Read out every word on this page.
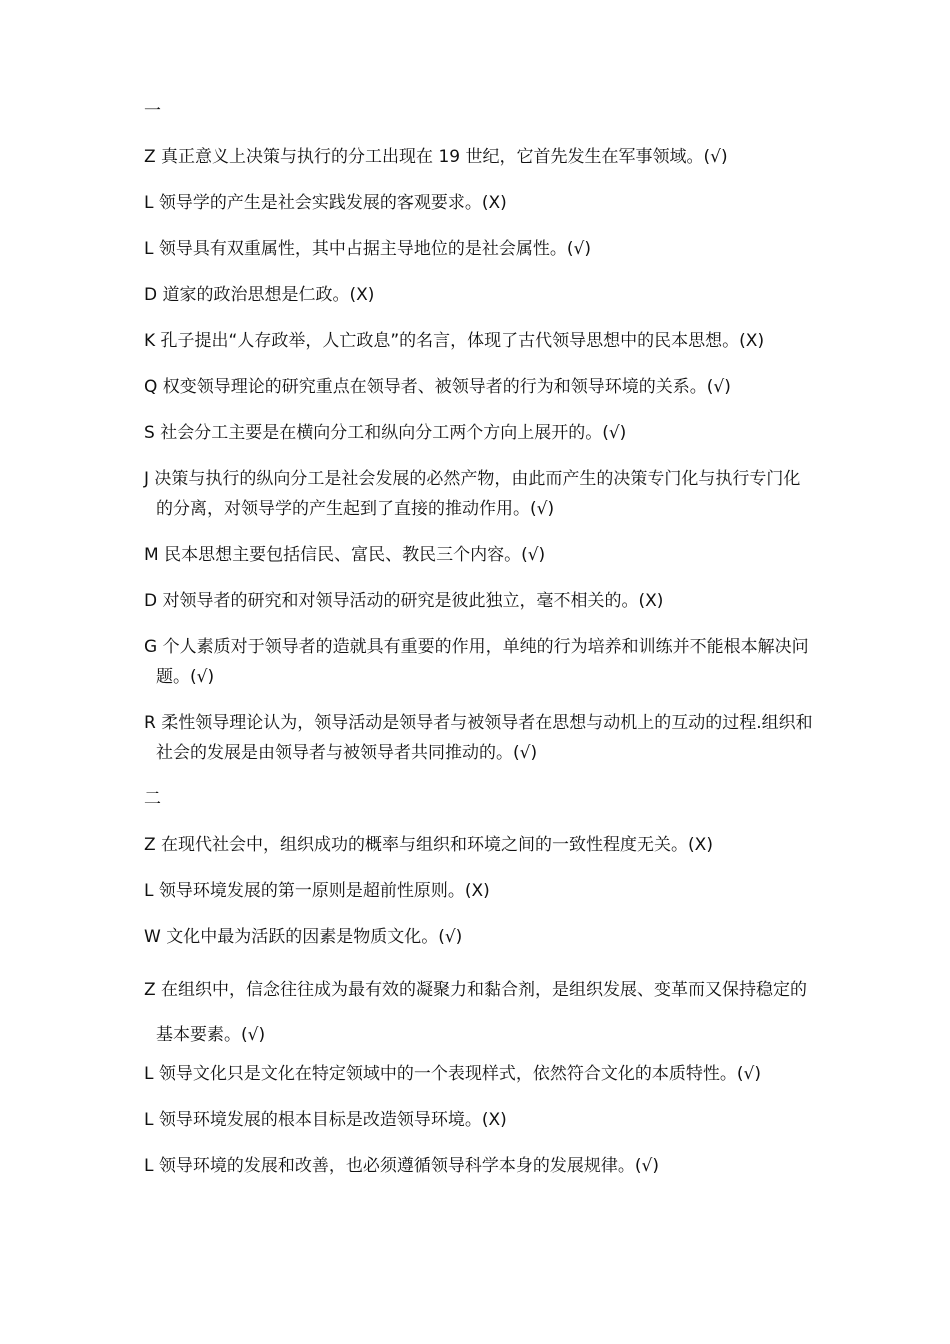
一

Z 真正意义上决策与执行的分工出现在 19 世纪，它首先发生在军事领域。(√)

L 领导学的产生是社会实践发展的客观要求。(X)

L 领导具有双重属性，其中占据主导地位的是社会属性。(√)

D 道家的政治思想是仁政。(X)

K 孔子提出“人存政举，人亡政息”的名言，体现了古代领导思想中的民本思想。(X)

Q 权变领导理论的研究重点在领导者、被领导者的行为和领导环境的关系。(√)

S 社会分工主要是在横向分工和纵向分工两个方向上展开的。(√)

J 决策与执行的纵向分工是社会发展的必然产物，由此而产生的决策专门化与执行专门化的分离，对领导学的产生起到了直接的推动作用。(√)

M 民本思想主要包括信民、富民、教民三个内容。(√)

D 对领导者的研究和对领导活动的研究是彼此独立，毫不相关的。(X)

G 个人素质对于领导者的造就具有重要的作用，单纯的行为培养和训练并不能根本解决问题。(√)

R 柔性领导理论认为，领导活动是领导者与被领导者在思想与动机上的互动的过程.组织和社会的发展是由领导者与被领导者共同推动的。(√)

二

Z 在现代社会中，组织成功的概率与组织和环境之间的一致性程度无关。(X)

L 领导环境发展的第一原则是超前性原则。(X)

W 文化中最为活跃的因素是物质文化。(√)

Z 在组织中，信念往往成为最有效的凝聚力和黏合剂，是组织发展、变革而又保持稳定的基本要素。(√)

L 领导文化只是文化在特定领域中的一个表现样式，依然符合文化的本质特性。(√)

L 领导环境发展的根本目标是改造领导环境。(X)

L 领导环境的发展和改善，也必须遵循领导科学本身的发展规律。(√)
